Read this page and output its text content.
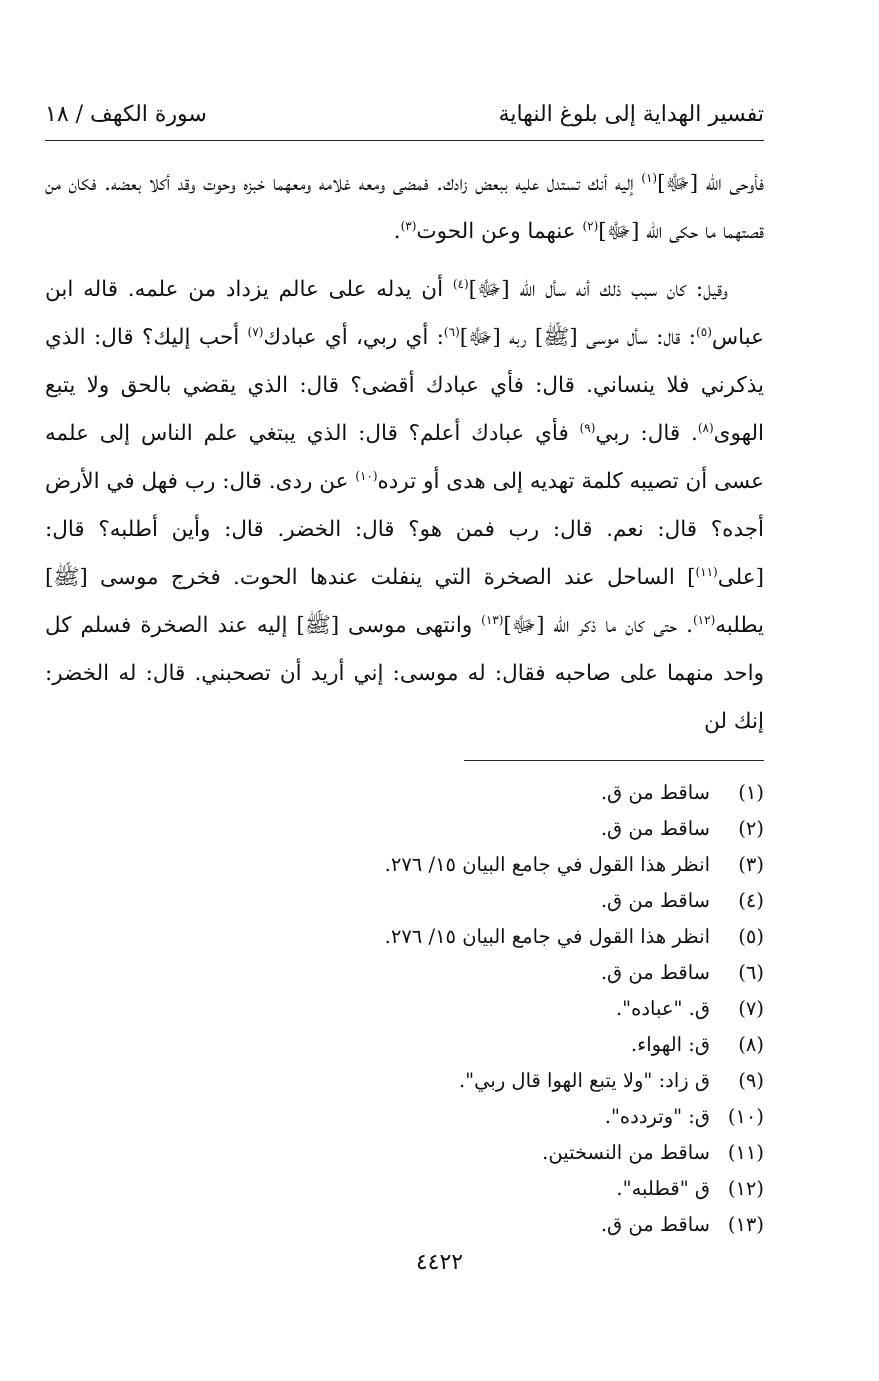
تفسير الهداية إلى بلوغ النهاية
سورة الكهف / ١٨

فأوحى الله [ﷻ]$^{(١)}$ إليه أنك تستدل عليه ببعض زادك. فمضى ومعه غلامه ومعهما خبزه وحوت وقد أكلا بعضه. فكان من قصتهما ما حكى الله [ﷻ]$^{(٢)}$ عنهما وعن الحوت$^{(٣)}$.

وقيل: كان سبب ذلك أنه سأل الله [ﷻ]$^{(٤)}$ أن يدله على عالم يزداد من علمه. قاله ابن عباس$^{(٥)}$: قال: سأل موسى [ﷺ] ربه [ﷻ]$^{(٦)}$: أي ربي، أي عبادك$^{(٧)}$ أحب إليك؟ قال: الذي يذكرني فلا ينساني. قال: فأي عبادك أقضى؟ قال: الذي يقضي بالحق ولا يتبع الهوى$^{(٨)}$. قال: ربي$^{(٩)}$ فأي عبادك أعلم؟ قال: الذي يبتغي علم الناس إلى علمه عسى أن تصيبه كلمة تهديه إلى هدى أو ترده$^{(١٠)}$ عن ردى. قال: رب فهل في الأرض أجده؟ قال: نعم. قال: رب فمن هو؟ قال: الخضر. قال: وأين أطلبه؟ قال: [على$^{(١١)}$] الساحل عند الصخرة التي ينفلت عندها الحوت. فخرج موسى [ﷺ] يطلبه$^{(١٢)}$. حتى كان ما ذكر الله [ﷻ]$^{(١٣)}$ وانتهى موسى [ﷺ] إليه عند الصخرة فسلم كل واحد منهما على صاحبه فقال: له موسى: إني أريد أن تصحبني. قال: له الخضر: إنك لن

(١)
ساقط من ق.
(٢)
ساقط من ق.
(٣)
انظر هذا القول في جامع البيان ١٥/ ٢٧٦.
(٤)
ساقط من ق.
(٥)
انظر هذا القول في جامع البيان ١٥/ ٢٧٦.
(٦)
ساقط من ق.
(٧)
ق. "عباده".
(٨)
ق: الهواء.
(٩)
ق زاد: "ولا يتبع الهوا قال ربي".
(١٠)
ق: "وتردده".
(١١)
ساقط من النسختين.
(١٢)
ق "قطلبه".
(١٣)
ساقط من ق.
٤٤٢٢
